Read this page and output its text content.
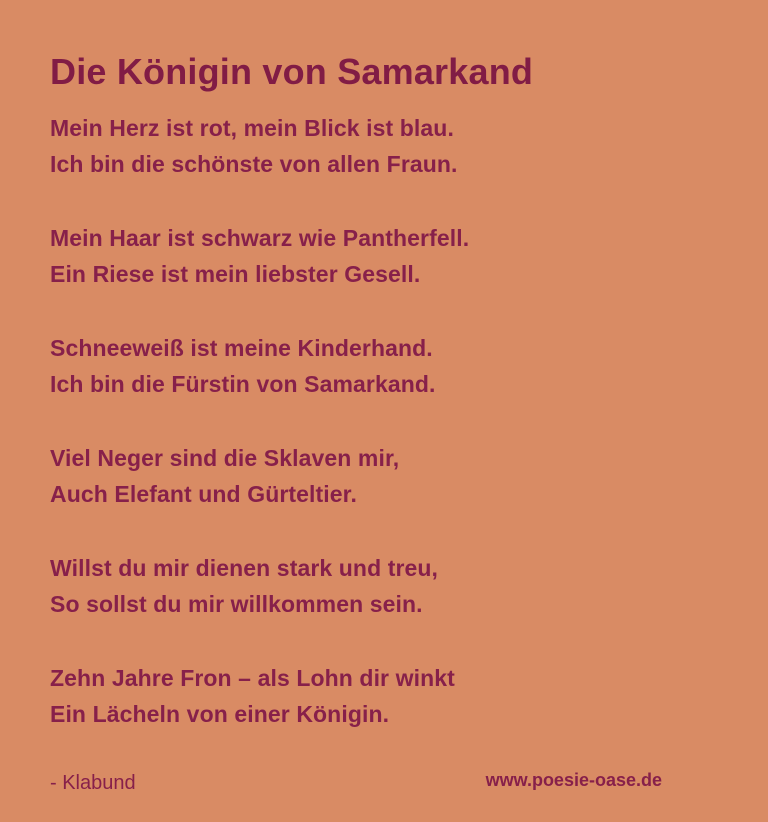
Die Königin von Samarkand

Mein Herz ist rot, mein Blick ist blau.

Ich bin die schönste von allen Fraun.

Mein Haar ist schwarz wie Pantherfell.

Ein Riese ist mein liebster Gesell.

Schneeweiß ist meine Kinderhand.

Ich bin die Fürstin von Samarkand.

Viel Neger sind die Sklaven mir,

Auch Elefant und Gürteltier.

Willst du mir dienen stark und treu,

So sollst du mir willkommen sein.

Zehn Jahre Fron – als Lohn dir winkt

Ein Lächeln von einer Königin.

- Klabund	www.poesie-oase.de
